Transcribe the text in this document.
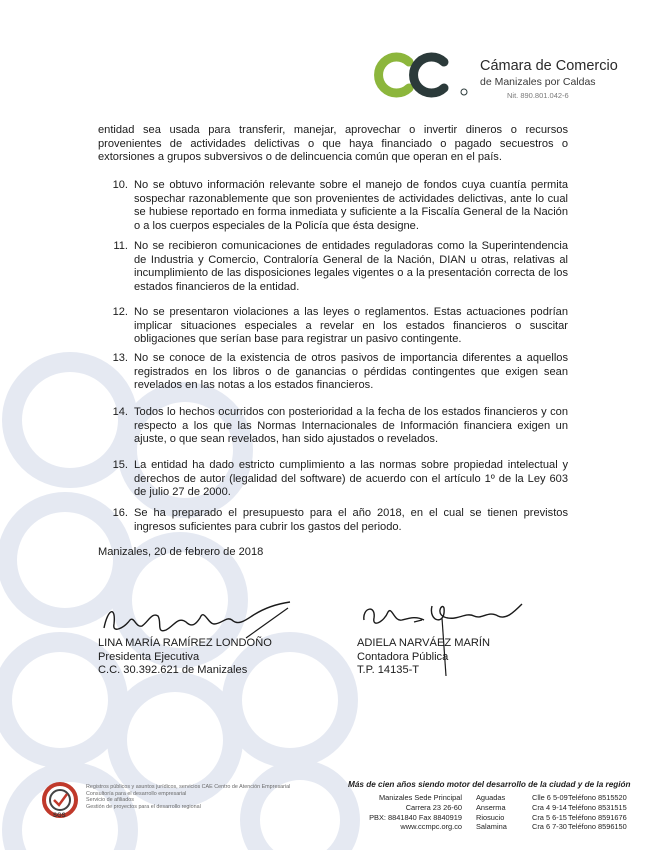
Cámara de Comercio
de Manizales por Caldas
Nit. 890.801.042-6

entidad sea usada para transferir, manejar, aprovechar o invertir dineros o recursos provenientes de actividades delictivas o que haya financiado o pagado secuestros o extorsiones a grupos subversivos o de delincuencia común que operan en el país.

10. No se obtuvo información relevante sobre el manejo de fondos cuya cuantía permita sospechar razonablemente que son provenientes de actividades delictivas, ante lo cual se hubiese reportado en forma inmediata y suficiente a la Fiscalía General de la Nación o a los cuerpos especiales de la Policía que ésta designe.
11. No se recibieron comunicaciones de entidades reguladoras como la Superintendencia de Industria y Comercio, Contraloría General de la Nación, DIAN u otras, relativas al incumplimiento de las disposiciones legales vigentes o a la presentación correcta de los estados financieros de la entidad.
12. No se presentaron violaciones a las leyes o reglamentos. Estas actuaciones podrían implicar situaciones especiales a revelar en los estados financieros o suscitar obligaciones que serían base para registrar un pasivo contingente.
13. No se conoce de la existencia de otros pasivos de importancia diferentes a aquellos registrados en los libros o de ganancias o pérdidas contingentes que exigen sean revelados en las notas a los estados financieros.
14. Todos lo hechos ocurridos con posterioridad a la fecha de los estados financieros y con respecto a los que las Normas Internacionales de Información financiera exigen un ajuste, o que sean revelados, han sido ajustados o revelados.
15. La entidad ha dado estricto cumplimiento a las normas sobre propiedad intelectual y derechos de autor (legalidad del software) de acuerdo con el artículo 1º de la Ley 603 de julio 27 de 2000.
16. Se ha preparado el presupuesto para el año 2018, en el cual se tienen previstos ingresos suficientes para cubrir los gastos del periodo.
Manizales, 20 de febrero de 2018
LINA MARÍA RAMÍREZ LONDOÑO
Presidenta Ejecutiva
C.C. 30.392.621 de Manizales
ADIELA NARVÁEZ MARÍN
Contadora Pública
T.P. 14135-T
SGS
Registros públicos y asuntos jurídicos, servicios CAE Centro de Atención Empresarial
Consultoría para el desarrollo empresarial
Servicio de afiliados
Gestión de proyectos para el desarrollo regional
Más de cien años siendo motor del desarrollo de la ciudad y de la región
Manizales Sede Principal
Carrera 23 26-60
PBX: 8841840 Fax 8840919
www.ccmpc.org.co
Aguadas
Anserma
Riosucio
Salamina
Clle 6 5-09
Cra 4 9-14
Cra 5 6-15
Cra 6 7-30
Teléfono 8515520
Teléfono 8531515
Teléfono 8591676
Teléfono 8596150
